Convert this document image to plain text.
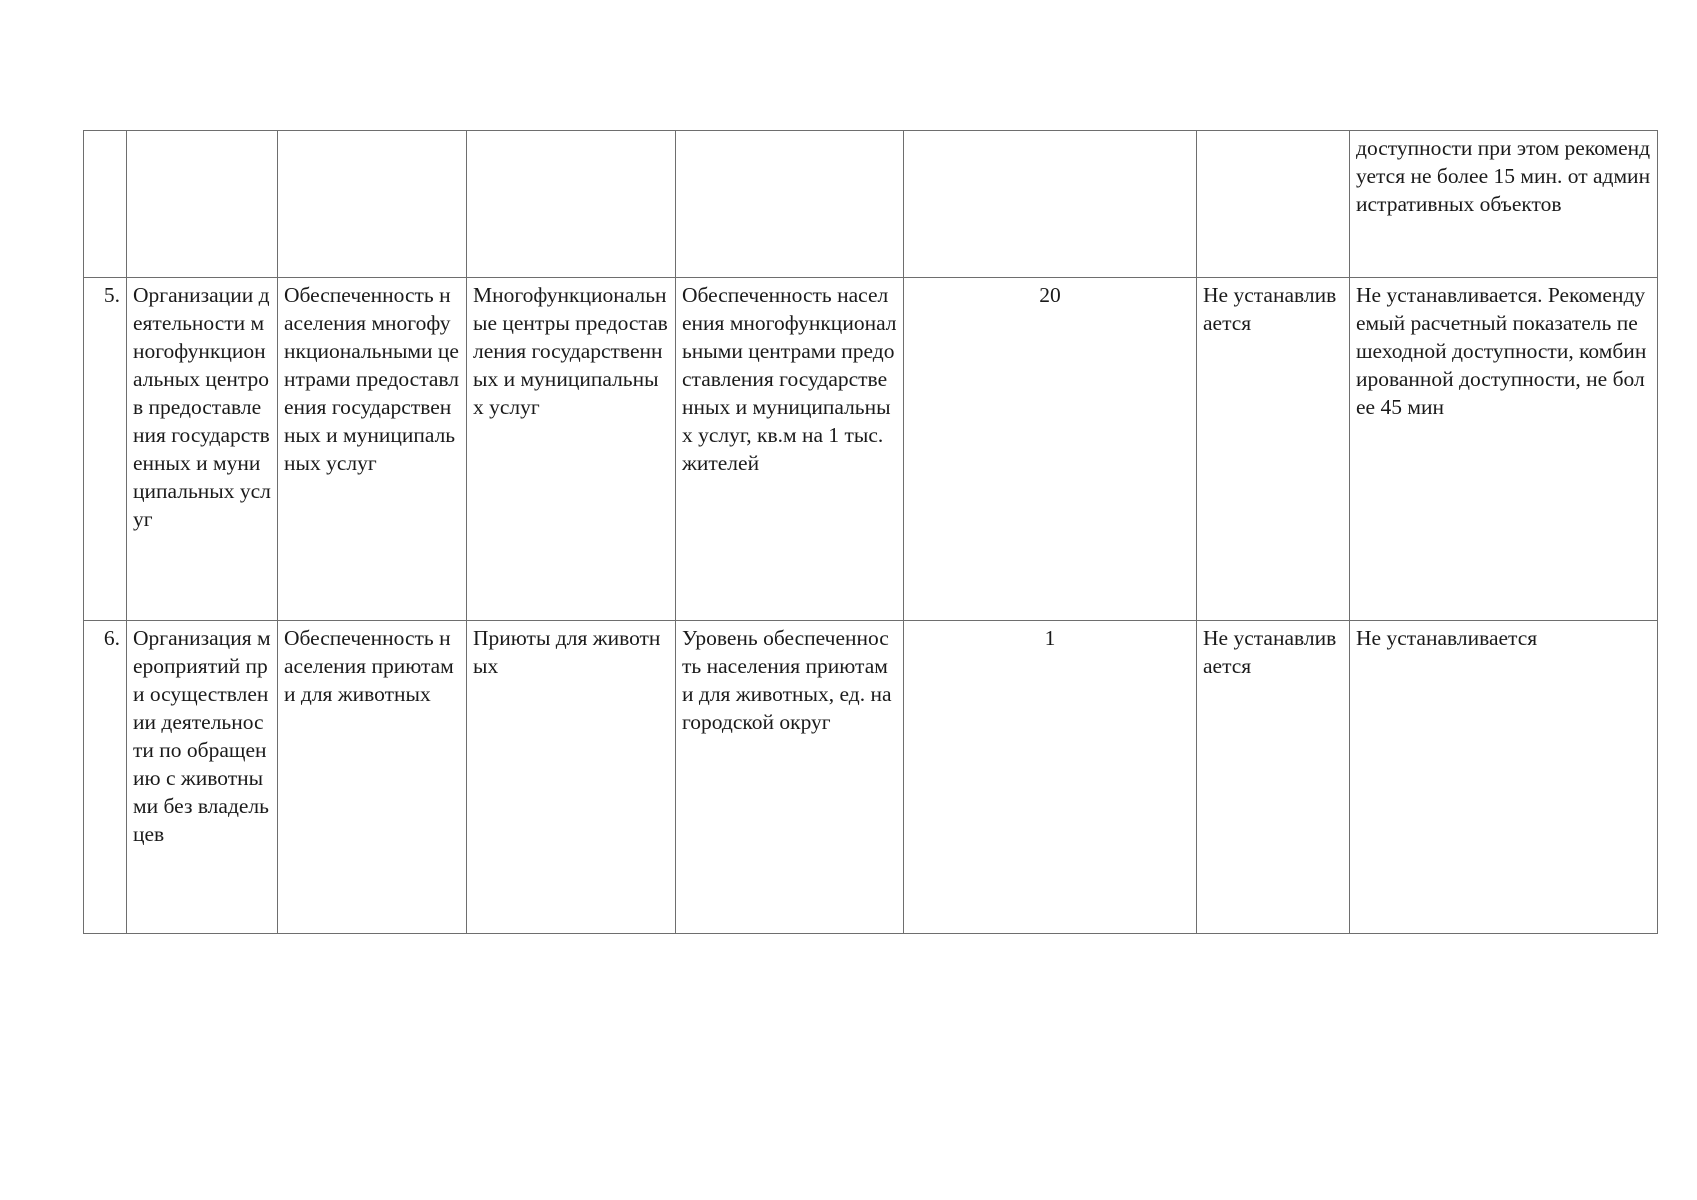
							доступности при этом рекомендуется не более 15 мин. от административных объектов
5.	Организации деятельности многофункциональных центров предоставления государственных и муниципальных услуг	Обеспеченность населения многофункциональными центрами предоставления государственных и муниципальных услуг	Многофункциональные центры предоставления государственных и муниципальных услуг	Обеспеченность населения многофункциональными центрами предоставления государственных и муниципальных услуг, кв.м на 1 тыс. жителей	20	Не устанавливается	Не устанавливается. Рекомендуемый расчетный показатель пешеходной доступности, комбинированной доступности, не более 45 мин
6.	Организация мероприятий при осуществлении деятельности по обращению с животными без владельцев	Обеспеченность населения приютами для животных	Приюты для животных	Уровень обеспеченность населения приютами для животных, ед. на городской округ	1	Не устанавливается	Не устанавливается
